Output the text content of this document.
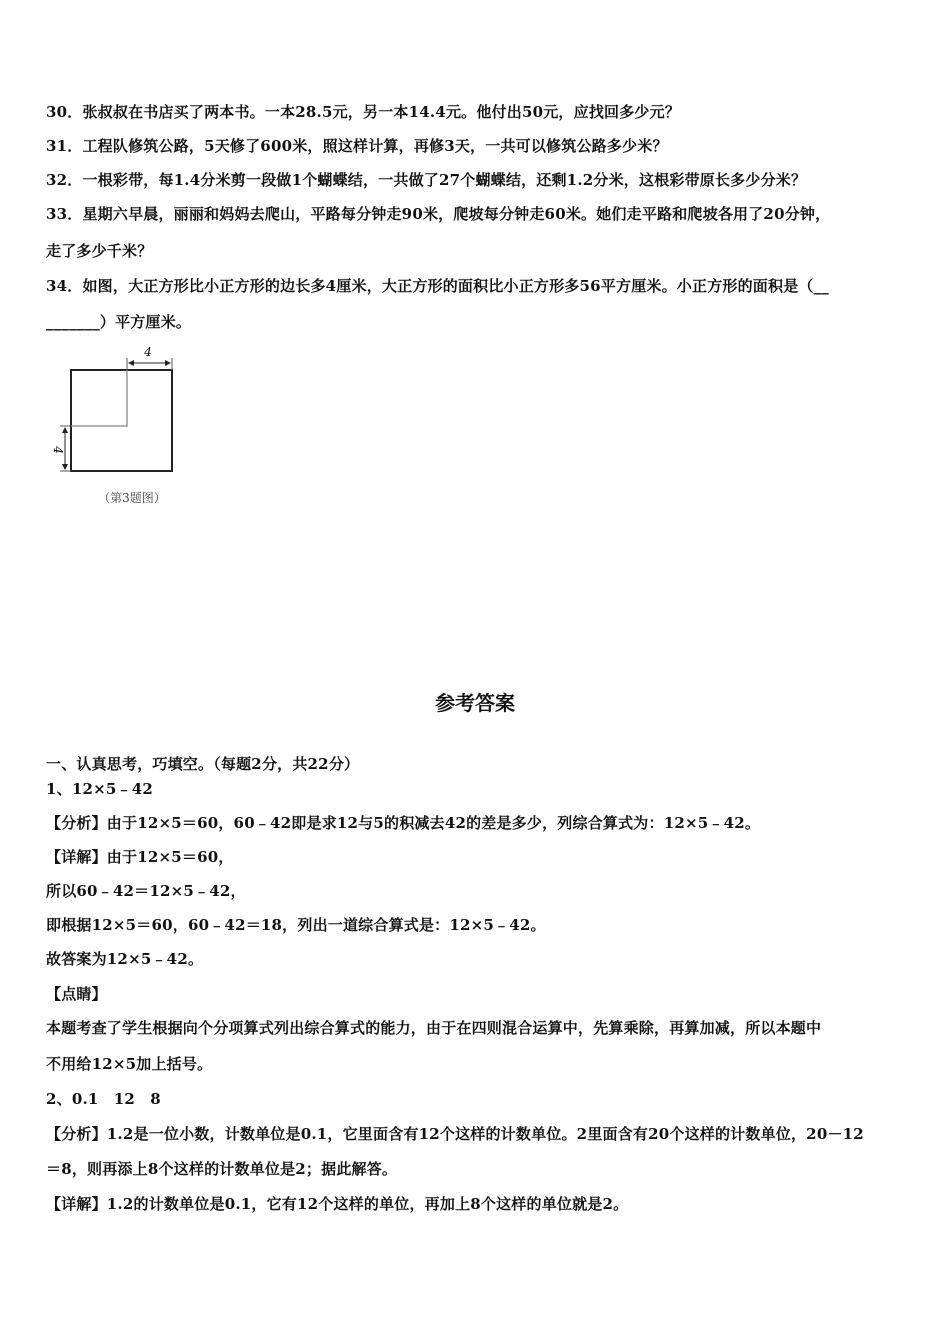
30．张叔叔在书店买了两本书。一本28.5元，另一本14.4元。他付出50元，应找回多少元？
31．工程队修筑公路，5天修了600米，照这样计算，再修3天，一共可以修筑公路多少米？
32．一根彩带，每1.4分米剪一段做1个蝴蝶结，一共做了27个蝴蝶结，还剩1.2分米，这根彩带原长多少分米？
33．星期六早晨，丽丽和妈妈去爬山，平路每分钟走90米，爬坡每分钟走60米。她们走平路和爬坡各用了20分钟，
走了多少千米？
34．如图，大正方形比小正方形的边长多4厘米，大正方形的面积比小正方形多56平方厘米。小正方形的面积是（__
_______）平方厘米。
4
4
（第3题图）
参考答案
一、认真思考，巧填空。（每题2分，共22分）
1、12×5﹣42
【分析】由于12×5＝60，60﹣42即是求12与5的积减去42的差是多少，列综合算式为：12×5﹣42。
【详解】由于12×5＝60，
所以60﹣42＝12×5﹣42，
即根据12×5＝60，60﹣42＝18，列出一道综合算式是：12×5﹣42。
故答案为12×5﹣42。
【点睛】
本题考查了学生根据向个分项算式列出综合算式的能力，由于在四则混合运算中，先算乘除，再算加减，所以本题中
不用给12×5加上括号。
2、0.1　12　8
【分析】1.2是一位小数，计数单位是0.1，它里面含有12个这样的计数单位。2里面含有20个这样的计数单位，20－12
＝8，则再添上8个这样的计数单位是2；据此解答。
【详解】1.2的计数单位是0.1，它有12个这样的单位，再加上8个这样的单位就是2。
